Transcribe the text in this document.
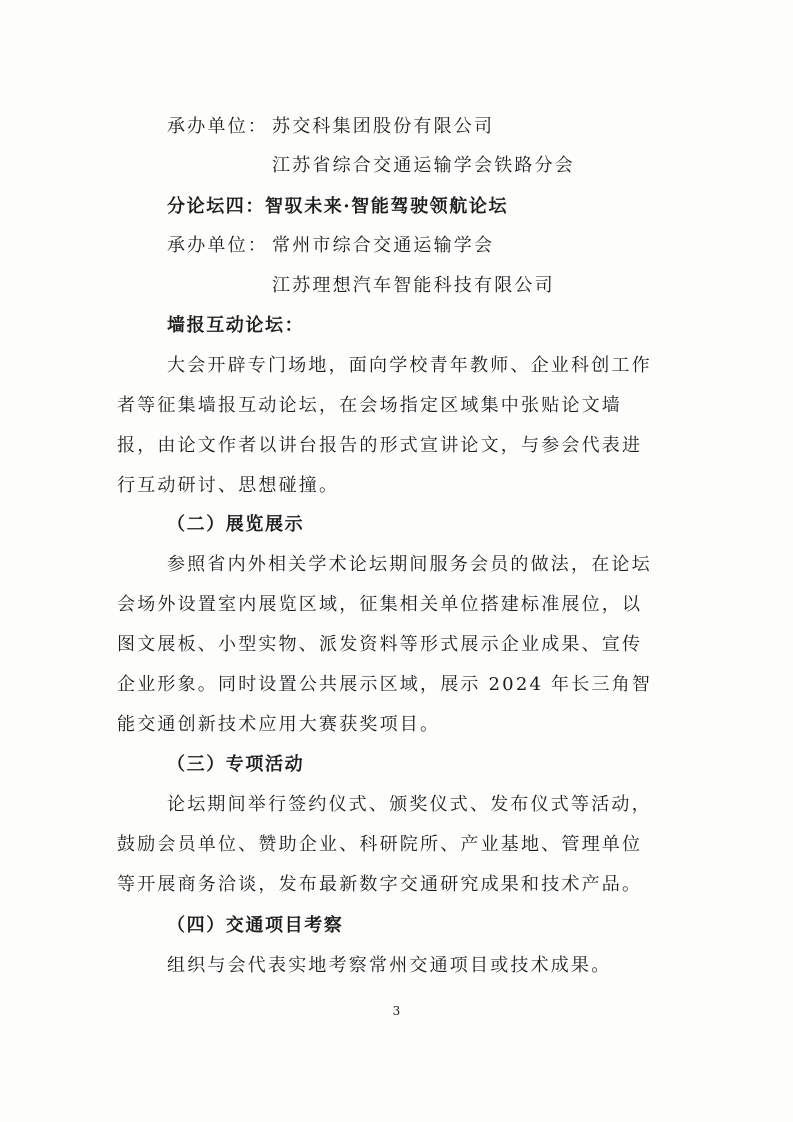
承办单位： 苏交科集团股份有限公司
江苏省综合交通运输学会铁路分会
分论坛四：智驭未来·智能驾驶领航论坛
承办单位： 常州市综合交通运输学会
江苏理想汽车智能科技有限公司
墙报互动论坛：
大会开辟专门场地，面向学校青年教师、企业科创工作
者等征集墙报互动论坛，在会场指定区域集中张贴论文墙
报，由论文作者以讲台报告的形式宣讲论文，与参会代表进
行互动研讨、思想碰撞。
（二）展览展示
参照省内外相关学术论坛期间服务会员的做法，在论坛
会场外设置室内展览区域，征集相关单位搭建标准展位，以
图文展板、小型实物、派发资料等形式展示企业成果、宣传
企业形象。同时设置公共展示区域，展示 2024 年长三角智
能交通创新技术应用大赛获奖项目。
（三）专项活动
论坛期间举行签约仪式、颁奖仪式、发布仪式等活动，
鼓励会员单位、赞助企业、科研院所、产业基地、管理单位
等开展商务洽谈，发布最新数字交通研究成果和技术产品。
（四）交通项目考察
组织与会代表实地考察常州交通项目或技术成果。
3
